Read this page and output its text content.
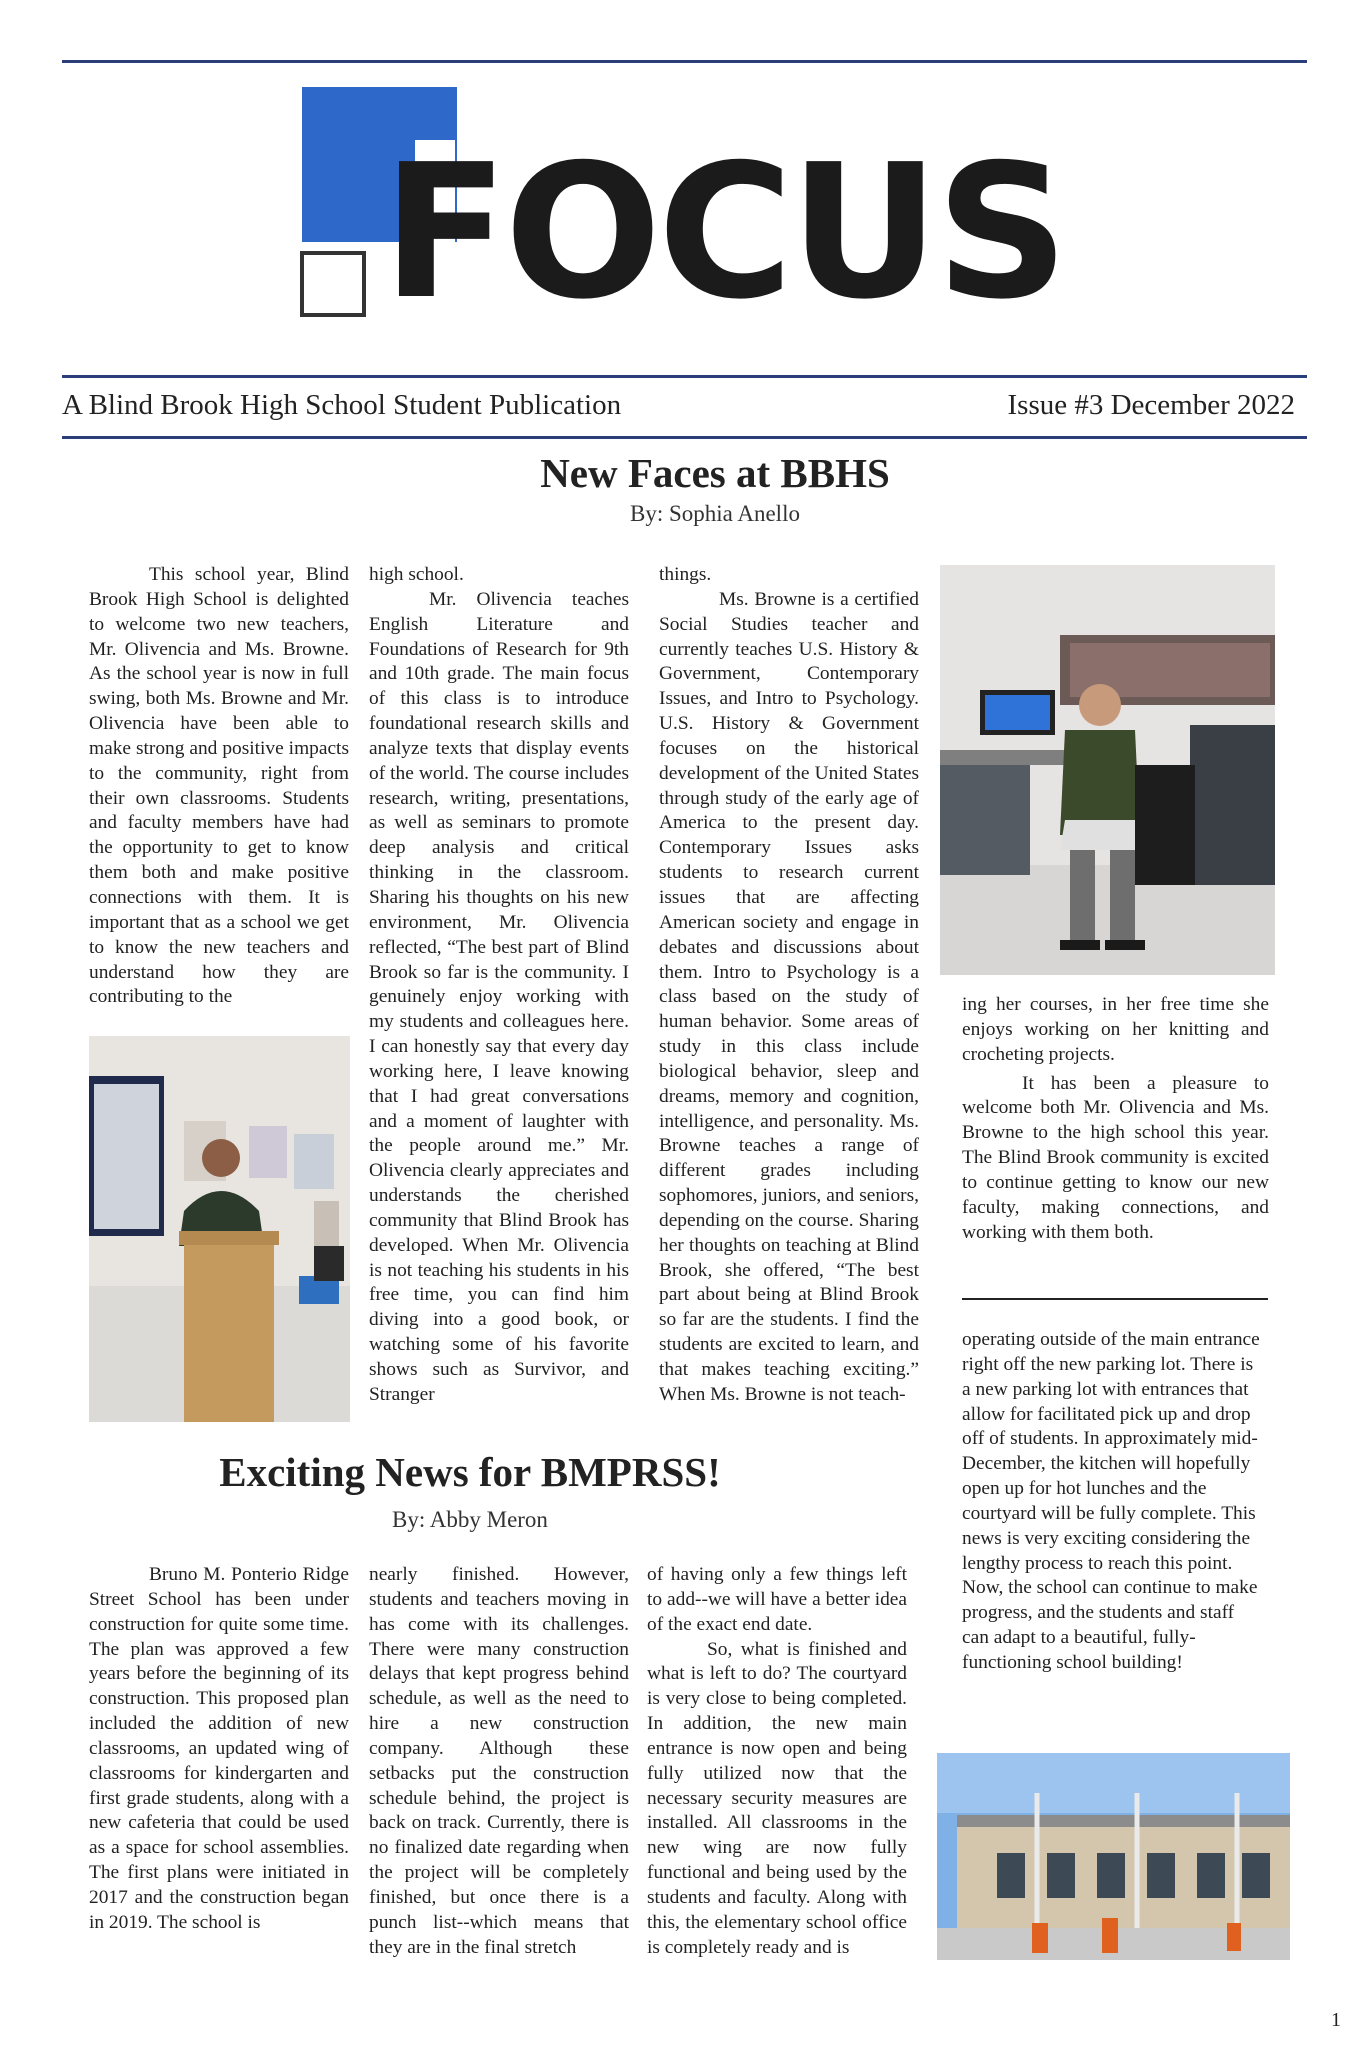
FOCUS
A Blind Brook High School Student Publication	Issue #3 December 2022
New Faces at BBHS
By: Sophia Anello

This school year, Blind Brook High School is delighted to welcome two new teachers, Mr. Olivencia and Ms. Browne. As the school year is now in full swing, both Ms. Browne and Mr. Olivencia have been able to make strong and positive impacts to the community, right from their own classrooms. Students and faculty members have had the opportunity to get to know them both and make positive connections with them. It is important that as a school we get to know the new teachers and understand how they are contributing to the

high school.

Mr. Olivencia teaches English Literature and Foundations of Research for 9th and 10th grade. The main focus of this class is to introduce foundational research skills and analyze texts that display events of the world. The course includes research, writing, presentations, as well as seminars to promote deep analysis and critical thinking in the classroom. Sharing his thoughts on his new environment, Mr. Olivencia reflected, “The best part of Blind Brook so far is the community. I genuinely enjoy working with my students and colleagues here. I can honestly say that every day working here, I leave knowing that I had great conversations and a moment of laughter with the people around me.” Mr. Olivencia clearly appreciates and understands the cherished community that Blind Brook has developed. When Mr. Olivencia is not teaching his students in his free time, you can find him diving into a good book, or watching some of his favorite shows such as Survivor, and Stranger

things.

Ms. Browne is a certified Social Studies teacher and currently teaches U.S. History & Government, Contemporary Issues, and Intro to Psychology. U.S. History & Government focuses on the historical development of the United States through study of the early age of America to the present day. Contemporary Issues asks students to research current issues that are affecting American society and engage in debates and discussions about them. Intro to Psychology is a class based on the study of human behavior. Some areas of study in this class include biological behavior, sleep and dreams, memory and cognition, intelligence, and personality. Ms. Browne teaches a range of different grades including sophomores, juniors, and seniors, depending on the course. Sharing her thoughts on teaching at Blind Brook, she offered, “The best part about being at Blind Brook so far are the students. I find the students are excited to learn, and that makes teaching exciting.” When Ms. Browne is not teach-

ing her courses, in her free time she enjoys working on her knitting and crocheting projects.

It has been a pleasure to welcome both Mr. Olivencia and Ms. Browne to the high school this year. The Blind Brook community is excited to continue getting to know our new faculty, making connections, and working with them both.

Exciting News for BMPRSS!
By: Abby Meron

Bruno M. Ponterio Ridge Street School has been under construction for quite some time. The plan was approved a few years before the beginning of its construction. This proposed plan included the addition of new classrooms, an updated wing of classrooms for kindergarten and first grade students, along with a new cafeteria that could be used as a space for school assemblies. The first plans were initiated in 2017 and the construction began in 2019. The school is

nearly finished. However, students and teachers moving in has come with its challenges. There were many construction delays that kept progress behind schedule, as well as the need to hire a new construction company. Although these setbacks put the construction schedule behind, the project is back on track. Currently, there is no finalized date regarding when the project will be completely finished, but once there is a punch list--which means that they are in the final stretch

of having only a few things left to add--we will have a better idea of the exact end date.

So, what is finished and what is left to do? The courtyard is very close to being completed. In addition, the new main entrance is now open and being fully utilized now that the necessary security measures are installed. All classrooms in the new wing are now fully functional and being used by the students and faculty. Along with this, the elementary school office is completely ready and is

operating outside of the main entrance right off the new parking lot. There is a new parking lot with entrances that allow for facilitated pick up and drop off of students. In approximately mid-December, the kitchen will hopefully open up for hot lunches and the courtyard will be fully complete. This news is very exciting considering the lengthy process to reach this point. Now, the school can continue to make progress, and the students and staff can adapt to a beautiful, fully-functioning school building!

1
